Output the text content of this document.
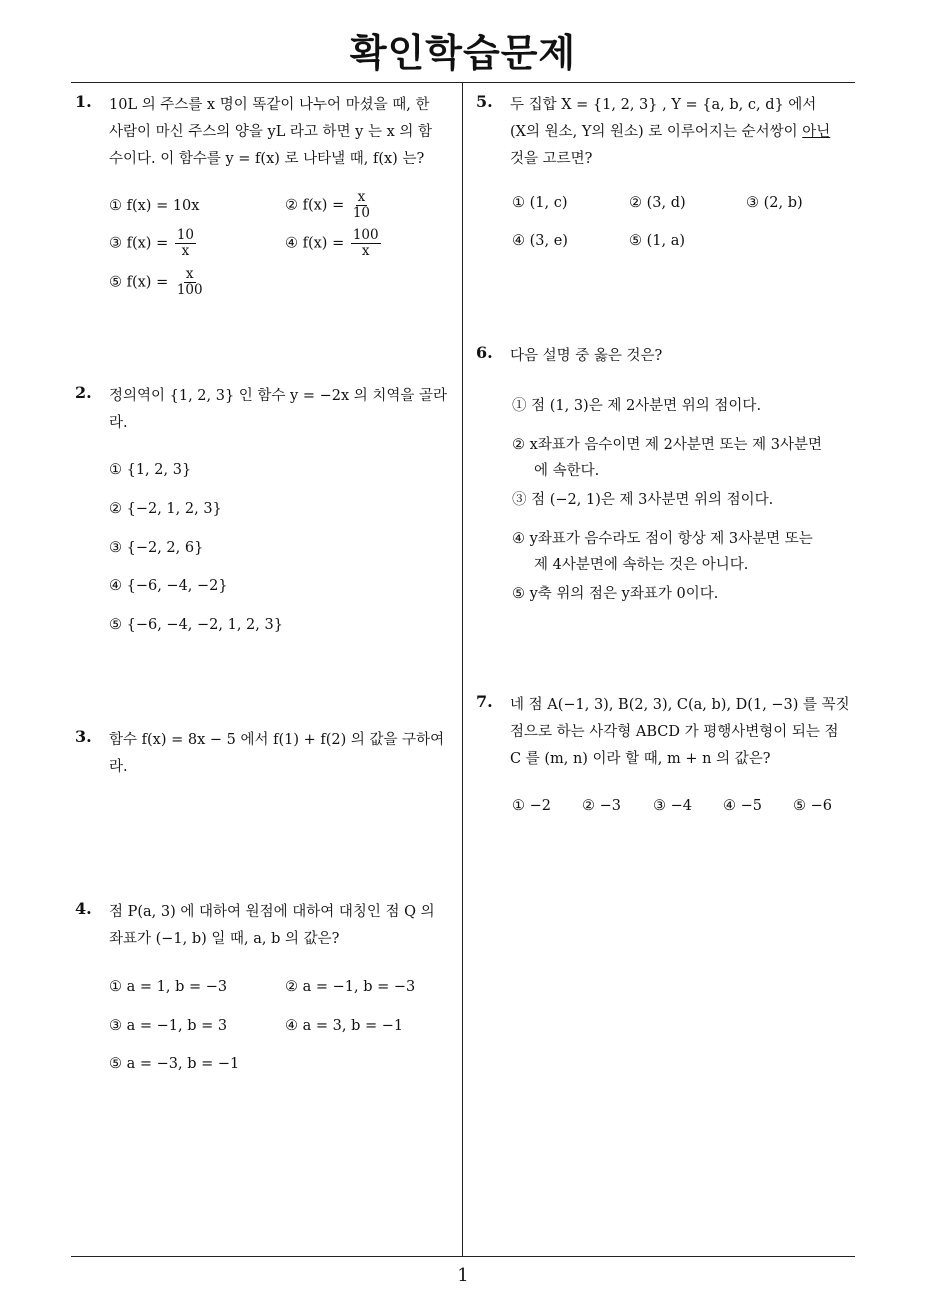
확인학습문제
1
1. 10L 의 주스를 x 명이 똑같이 나누어 마셨을 때, 한
사람이 마신 주스의 양을 yL 라고 하면 y 는 x 의 함
수이다. 이 함수를 y = f(x) 로 나타낼 때, f(x) 는?
① f(x) = 10x	② $f(x) = \frac{x}{10}$
③ $f(x) = \frac{10}{x}$	④ $f(x) = \frac{100}{x}$
⑤ $f(x) = \frac{x}{100}$
2. 정의역이 {1, 2, 3} 인 함수 y = −2x 의 치역을 골라
라.
① {1, 2, 3}
② {−2, 1, 2, 3}
③ {−2, 2, 6}
④ {−6, −4, −2}
⑤ {−6, −4, −2, 1, 2, 3}
3. 함수 f(x) = 8x − 5 에서 f(1) + f(2) 의 값을 구하여
라.
4. 점 P(a, 3) 에 대하여 원점에 대하여 대칭인 점 Q 의
좌표가 (−1, b) 일 때, a, b 의 값은?
① a = 1, b = −3	② a = −1, b = −3
③ a = −1, b = 3	④ a = 3, b = −1
⑤ a = −3, b = −1
5. 두 집합 X = {1, 2, 3} , Y = {a, b, c, d} 에서
(X의 원소, Y의 원소) 로 이루어지는 순서쌍이 아닌
것을 고르면?
① (1, c)	② (3, d)	③ (2, b)
④ (3, e)	⑤ (1, a)
6. 다음 설명 중 옳은 것은?
① 점 (1, 3)은 제 2사분면 위의 점이다.
② x좌표가 음수이면 제 2사분면 또는 제 3사분면
에 속한다.
③ 점 (−2, 1)은 제 3사분면 위의 점이다.
④ y좌표가 음수라도 점이 항상 제 3사분면 또는
제 4사분면에 속하는 것은 아니다.
⑤ y축 위의 점은 y좌표가 0이다.
7. 네 점 A(−1, 3), B(2, 3), C(a, b), D(1, −3) 를 꼭짓
점으로 하는 사각형 ABCD 가 평행사변형이 되는 점
C 를 (m, n) 이라 할 때, m + n 의 값은?
① −2 ② −3 ③ −4 ④ −5 ⑤ −6
